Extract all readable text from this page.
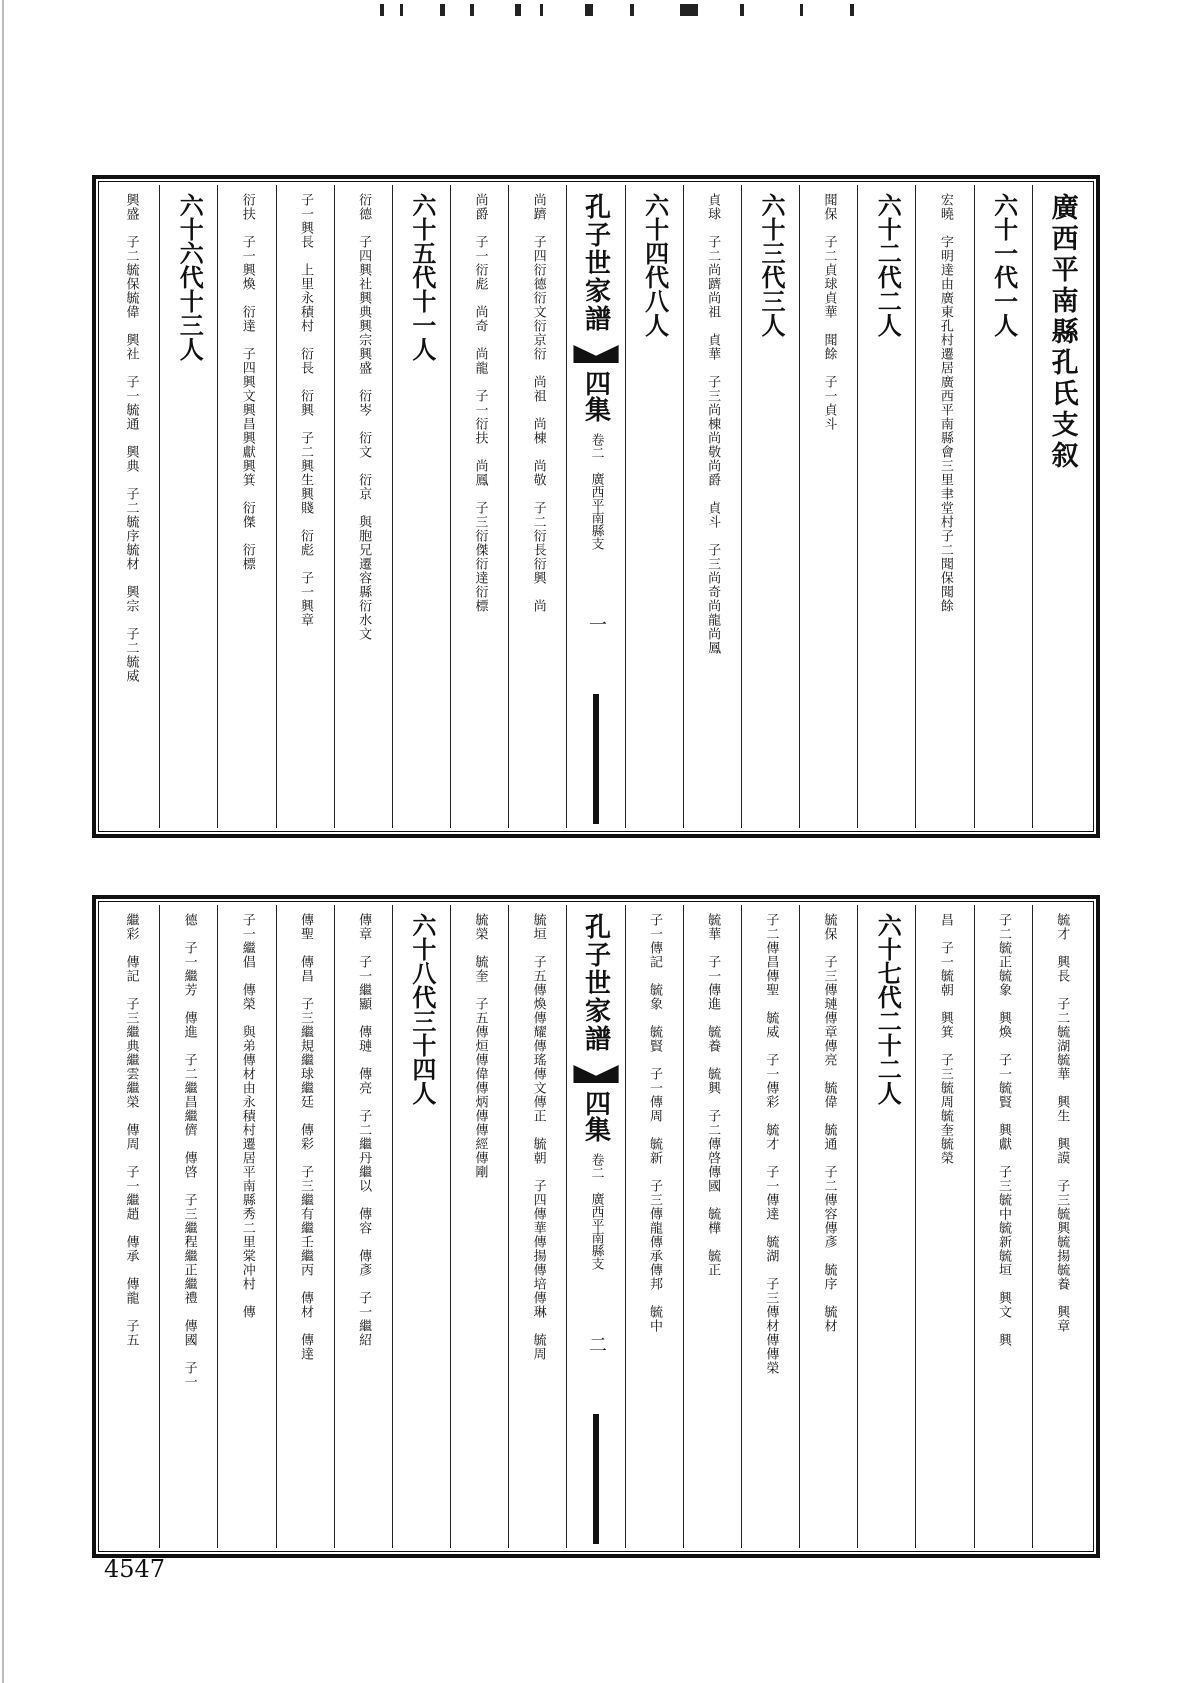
廣西平南縣孔氏支叙
六十一代一人
宏曉　字明達由廣東孔村遷居廣西平南縣會三里聿堂村子二聞保聞餘
六十二代二人
聞保　子二貞球貞華　聞餘　子一貞斗
六十三代三人
貞球　子二尚躋尚祖　貞華　子三尚棟尚敬尚爵　貞斗　子三尚奇尚龍尚鳳
六十四代八人
孔子世家譜
四集
卷二　廣西平南縣支
一
尚躋　子四衍德衍文衍京衍　尚祖　尚棟　尚敬　子二衍長衍興　尚
尚爵　子一衍彪　尚奇　尚龍　子一衍扶　尚鳳　子三衍傑衍達衍標
六十五代十一人
衍德　子四興社興典興宗興盛　衍岑　衍文　衍京　與胞兄遷容縣衍水文
子一興長　上里永積村　衍長　衍興　子二興生興賤　衍彪　子一興章
衍扶　子一興煥　衍達　子四興文興昌興獻興箕　衍傑　衍標
六十六代十三人
興盛　子二毓保毓偉　興社　子一毓通　興典　子二毓序毓材　興宗　子二毓威
毓才　興長　子二毓湖毓華　興生　興謨　子三毓興毓揚毓養　興章
子二毓正毓象　興煥　子一毓賢　興獻　子三毓中毓新毓垣　興文　興
昌　子一毓朝　興箕　子三毓周毓奎毓榮
六十七代二十二人
毓保　子三傳璉傳章傳亮　毓偉　毓通　子二傳容傳彥　毓序　毓材
子二傳昌傳聖　毓威　子一傳彩　毓才　子一傳達　毓湖　子三傳材傳傳榮
毓華　子一傳進　毓養　毓興　子二傳啓傳國　毓樺　毓正
子一傳記　毓象　毓賢　子一傳周　毓新　子三傳龍傳承傳邦　毓中
孔子世家譜
四集
卷二　廣西平南縣支
二
毓垣　子五傳煥傳耀傳瑤傳文傳正　毓朝　子四傳華傳揚傳培傳琳　毓周
毓榮　毓奎　子五傳烜傳偉傳炳傳傳經傳剛
六十八代三十四人
傳章　子一繼顯　傳璉　傳亮　子二繼丹繼以　傳容　傳彥　子一繼紹
傳聖　傳昌　子三繼規繼球繼廷　傳彩　子三繼有繼壬繼丙　傳材　傳達
子一繼倡　傳榮　與弟傳材由永積村遷居平南縣秀二里棠冲村　傳
德　子一繼芳　傳進　子二繼昌繼儕　傳啓　子三繼程繼正繼禮　傳國　子一
繼彩　傳記　子三繼典繼雲繼榮　傳周　子一繼趙　傳承　傳龍　子五
4547
